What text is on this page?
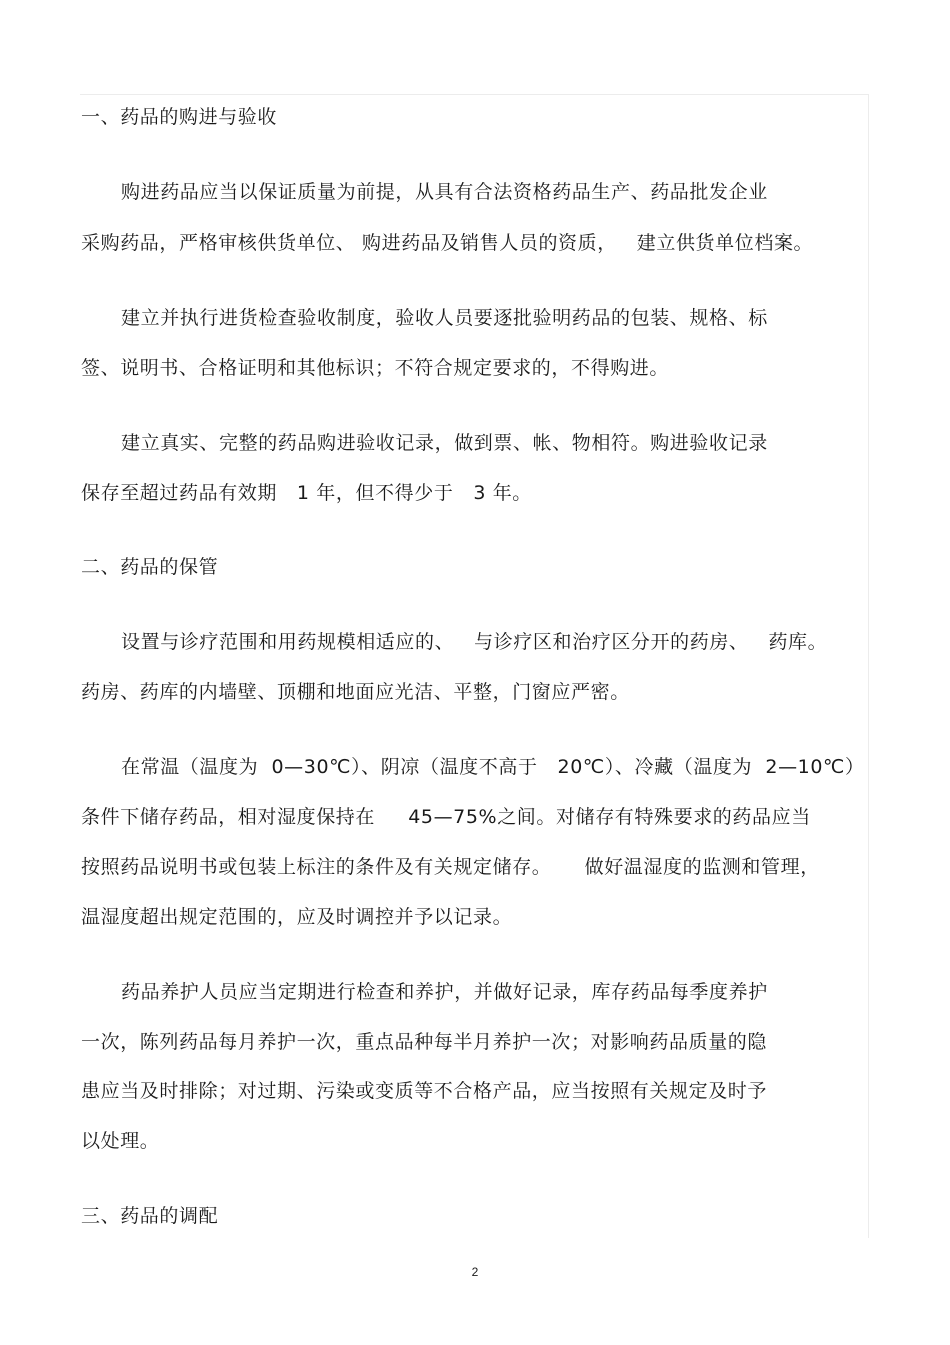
一、药品的购进与验收
购进药品应当以保证质量为前提，从具有合法资格药品生产、药品批发企业
采购药品，严格审核供货单位、 购进药品及销售人员的资质，   建立供货单位档案。
建立并执行进货检查验收制度，验收人员要逐批验明药品的包装、规格、标
签、说明书、合格证明和其他标识；不符合规定要求的，不得购进。
建立真实、完整的药品购进验收记录，做到票、帐、物相符。购进验收记录
保存至超过药品有效期   1 年，但不得少于   3 年。
二、药品的保管
设置与诊疗范围和用药规模相适应的、   与诊疗区和治疗区分开的药房、   药库。
药房、药库的内墙壁、顶棚和地面应光洁、平整，门窗应严密。
在常温（温度为  0—30℃）、阴凉（温度不高于   20℃）、冷藏（温度为  2—10℃）
条件下储存药品，相对湿度保持在     45—75%之间。对储存有特殊要求的药品应当
按照药品说明书或包装上标注的条件及有关规定储存。     做好温湿度的监测和管理，
温湿度超出规定范围的，应及时调控并予以记录。
药品养护人员应当定期进行检查和养护，并做好记录，库存药品每季度养护
一次，陈列药品每月养护一次，重点品种每半月养护一次；对影响药品质量的隐
患应当及时排除；对过期、污染或变质等不合格产品，应当按照有关规定及时予
以处理。
三、药品的调配
2
